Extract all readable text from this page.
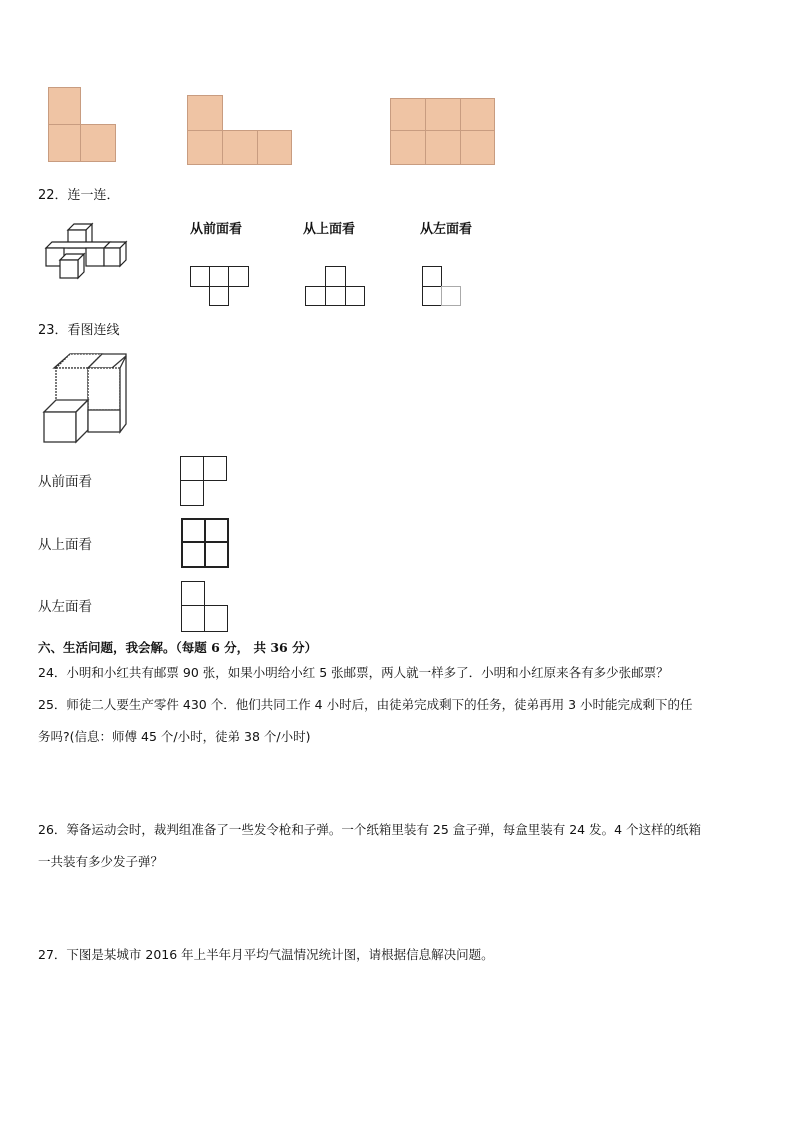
22．连一连．
从前面看	从上面看	从左面看
23．看图连线
从前面看
从上面看
从左面看
六、生活问题，我会解。（每题 6 分， 共 36 分）
24．小明和小红共有邮票 90 张，如果小明给小红 5 张邮票，两人就一样多了．小明和小红原来各有多少张邮票？
25．师徒二人要生产零件 430 个．他们共同工作 4 小时后，由徒弟完成剩下的任务，徒弟再用 3 小时能完成剩下的任
务吗?(信息：师傅 45 个/小时，徒弟 38 个/小时)
26．筹备运动会时，裁判组准备了一些发令枪和子弹。一个纸箱里装有 25 盒子弹，每盒里装有 24 发。4 个这样的纸箱
一共装有多少发子弹？
27．下图是某城市 2016 年上半年月平均气温情况统计图，请根据信息解决问题。
